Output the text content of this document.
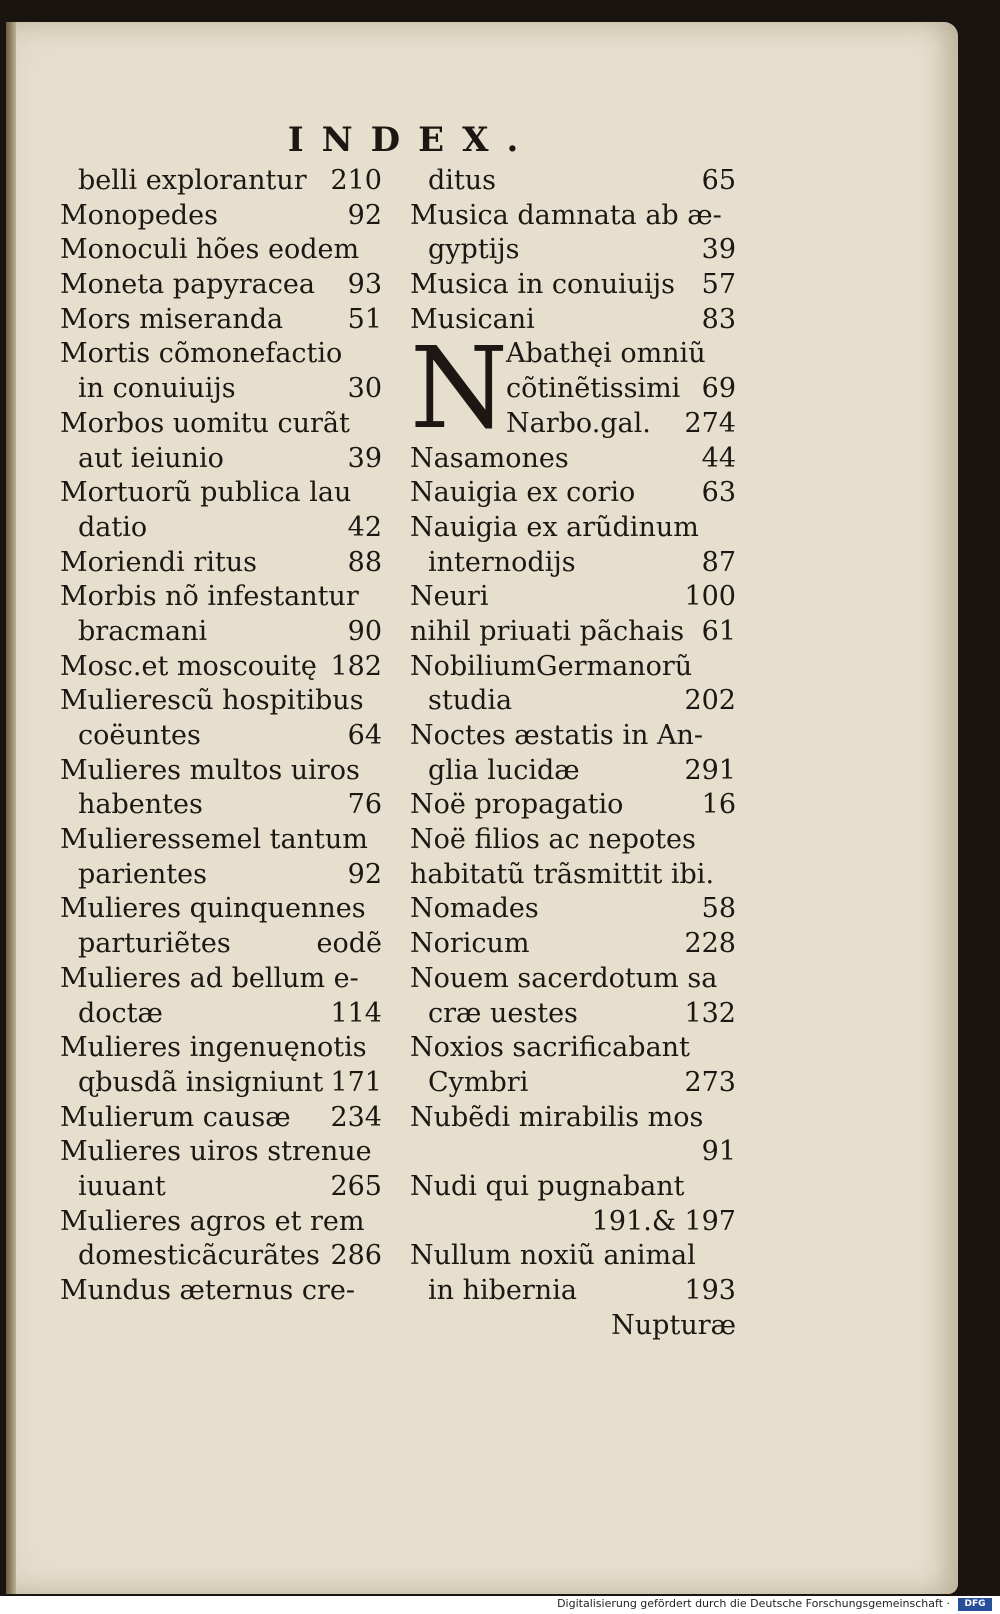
INDEX.
belli explorantur 210
Monopedes	92
Monoculi hões eodem
Moneta papyracea 93
Mors miseranda 51
Mortis cõmonefactio
in conuiuijs	30
Morbos uomitu curãt
aut ieiunio	39
Mortuorũ publica lau
datio	42
Moriendi ritus	88
Morbis nõ infestantur
bracmani	90
Mosc.et moscouitę 182
Mulierescũ hospitibus
coëuntes	64
Mulieres multos uiros
habentes	76
Mulieressemel tantum
parientes	92
Mulieres quinquennes
parturiẽtes	eodẽ
Mulieres ad bellum e-
doctæ	114
Mulieres ingenuęnotis
ɋbusdã insigniunt 171
Mulierum causæ 234
Mulieres uiros strenue
iuuant	265
Mulieres agros et rem
domesticãcurãtes 286
Mundus æternus cre-
ditus	65
Musica damnata ab æ-
gyptijs	39
Musica in conuiuijs 57
Musicani	83
Abathęi omniũ
cõtinẽtissimi 69
Narbo.gal. 274
Nasamones	44
Nauigia ex corio 63
Nauigia ex arũdinum
internodijs	87
Neuri	100
nihil priuati pãchais 61
NobiliumGermanorũ
studia	202
Noctes æstatis in An-
glia lucidæ	291
Noë propagatio	16
Noë filios ac nepotes
habitatũ trãsmittit ibi.
Nomades	58
Noricum	228
Nouem sacerdotum sa
cræ uestes	132
Noxios sacrificabant
Cymbri	273
Nubẽdi mirabilis mos
91
Nudi qui pugnabant
191.& 197
Nullum noxiũ animal
in hibernia	193
Nupturæ
N
Digitalisierung gefördert durch die Deutsche Forschungsgemeinschaft ·	DFG
